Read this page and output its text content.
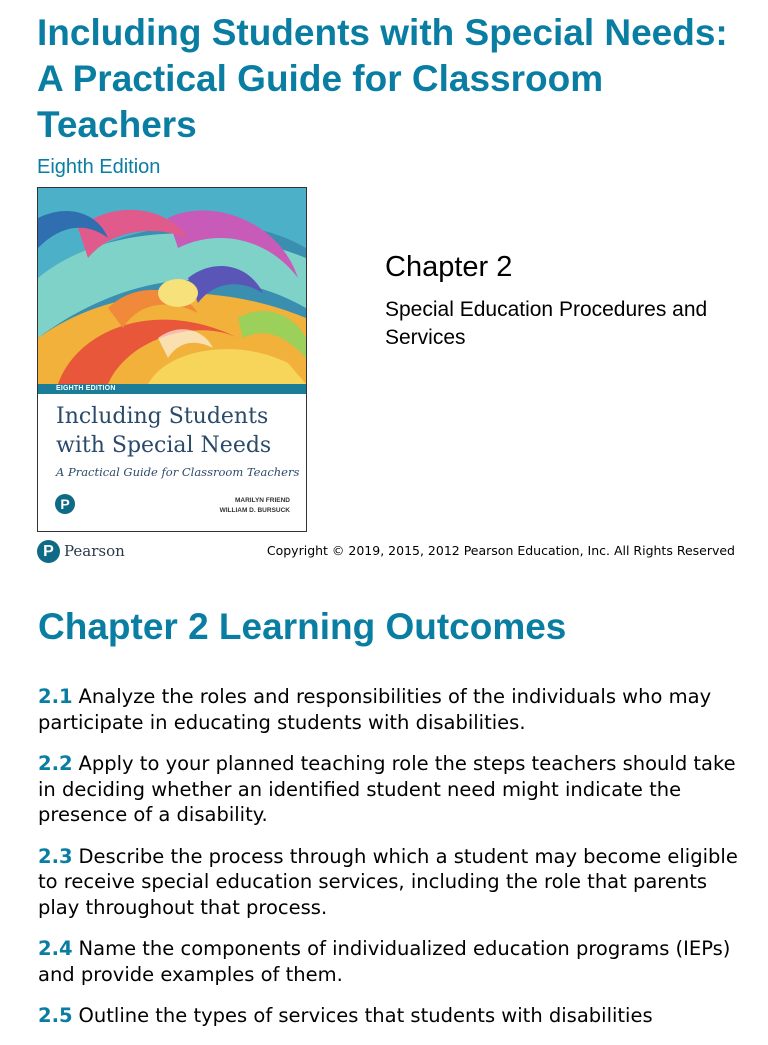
Including Students with Special Needs: A Practical Guide for Classroom Teachers
Eighth Edition
EIGHTH EDITION
Including Students with Special Needs
A Practical Guide for Classroom Teachers
P	MARILYN FRIEND
WILLIAM D. BURSUCK
Chapter 2
Special Education Procedures and Services
P Pearson	Copyright © 2019, 2015, 2012 Pearson Education, Inc. All Rights Reserved
Chapter 2 Learning Outcomes
2.1 Analyze the roles and responsibilities of the individuals who may participate in educating students with disabilities.
2.2 Apply to your planned teaching role the steps teachers should take in deciding whether an identified student need might indicate the presence of a disability.
2.3 Describe the process through which a student may become eligible to receive special education services, including the role that parents play throughout that process.
2.4 Name the components of individualized education programs (IEPs) and provide examples of them.
2.5 Outline the types of services that students with disabilities
